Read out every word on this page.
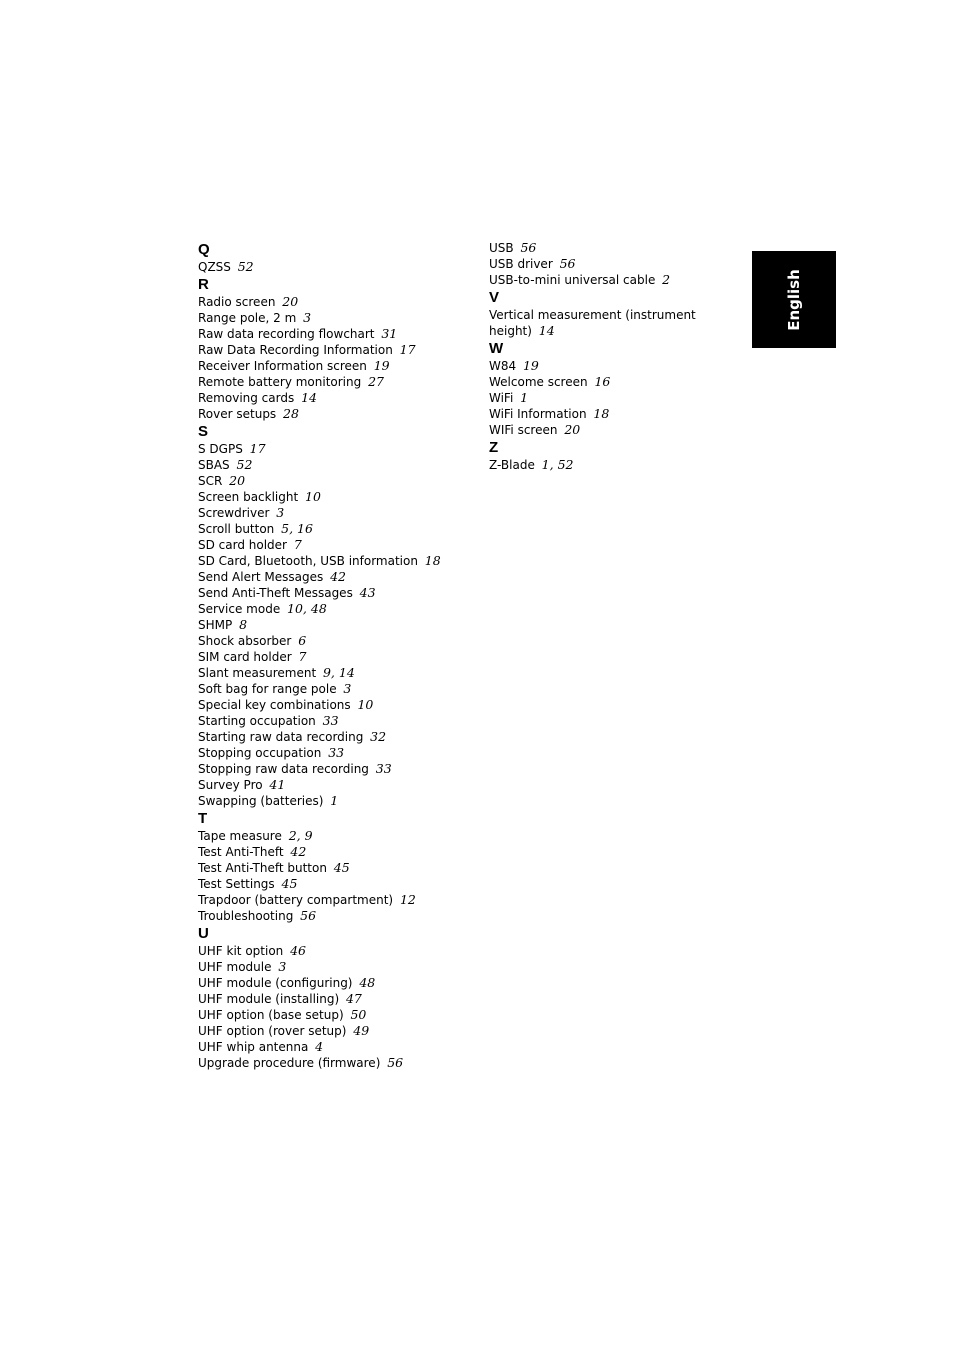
Q
QZSS 52
R
Radio screen 20
Range pole, 2 m 3
Raw data recording flowchart 31
Raw Data Recording Information 17
Receiver Information screen 19
Remote battery monitoring 27
Removing cards 14
Rover setups 28
S
S DGPS 17
SBAS 52
SCR 20
Screen backlight 10
Screwdriver 3
Scroll button 5, 16
SD card holder 7
SD Card, Bluetooth, USB information 18
Send Alert Messages 42
Send Anti-Theft Messages 43
Service mode 10, 48
SHMP 8
Shock absorber 6
SIM card holder 7
Slant measurement 9, 14
Soft bag for range pole 3
Special key combinations 10
Starting occupation 33
Starting raw data recording 32
Stopping occupation 33
Stopping raw data recording 33
Survey Pro 41
Swapping (batteries) 1
T
Tape measure 2, 9
Test Anti-Theft 42
Test Anti-Theft button 45
Test Settings 45
Trapdoor (battery compartment) 12
Troubleshooting 56
U
UHF kit option 46
UHF module 3
UHF module (configuring) 48
UHF module (installing) 47
UHF option (base setup) 50
UHF option (rover setup) 49
UHF whip antenna 4
Upgrade procedure (firmware) 56
USB 56
USB driver 56
USB-to-mini universal cable 2
V
Vertical measurement (instrument height) 14
W
W84 19
Welcome screen 16
WiFi 1
WiFi Information 18
WIFi screen 20
Z
Z-Blade 1, 52
English
